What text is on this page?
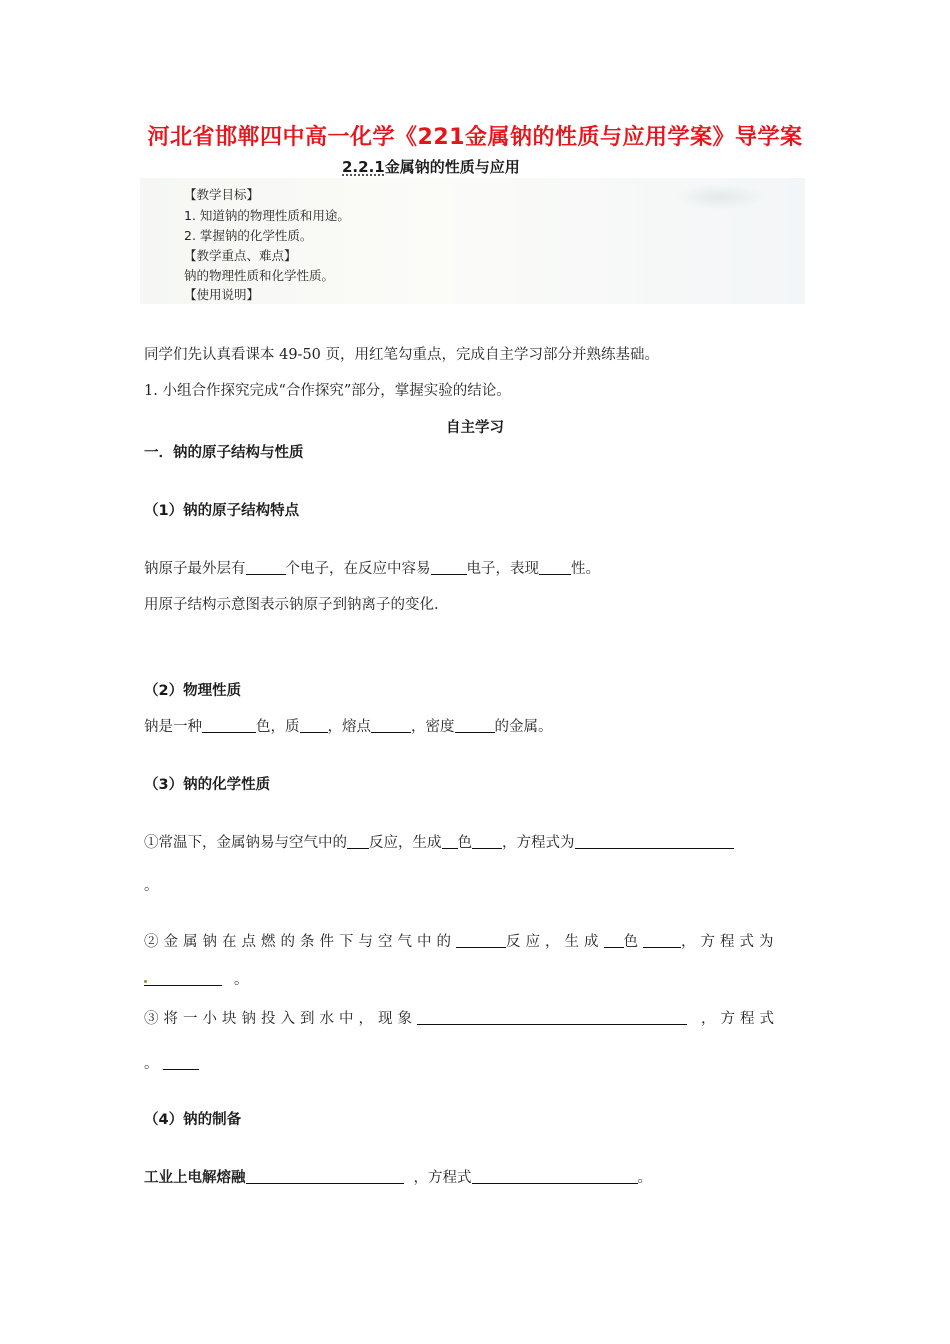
河北省邯郸四中高一化学《221金属钠的性质与应用学案》导学案
2.2.1金属钠的性质与应用
【教学目标】
1. 知道钠的物理性质和用途。
2. 掌握钠的化学性质。
【教学重点、难点】
钠的物理性质和化学性质。
【使用说明】
同学们先认真看课本 49-50 页，用红笔勾重点，完成自主学习部分并熟练基础。
1. 小组合作探究完成“合作探究”部分，掌握实验的结论。
自主学习
一．钠的原子结构与性质
（1）钠的原子结构特点
钠原子最外层有	个电子，在反应中容易 电子，表现 性。
用原子结构示意图表示钠原子到钠离子的变化.
（2）物理性质
钠是一种	色，质 ，熔点	，密度	的金属。
（3）钠的化学性质
①常温下，金属钠易与空气中的 反应，生成 色 ，方程式为
。
②金属钠在点燃的条件下与空气中的	反应，生成 色	，方程式为
。
③将一小块钠投入到水中，现象	，方程式
。
（4）钠的制备
工业上电解熔融	，方程式	。
